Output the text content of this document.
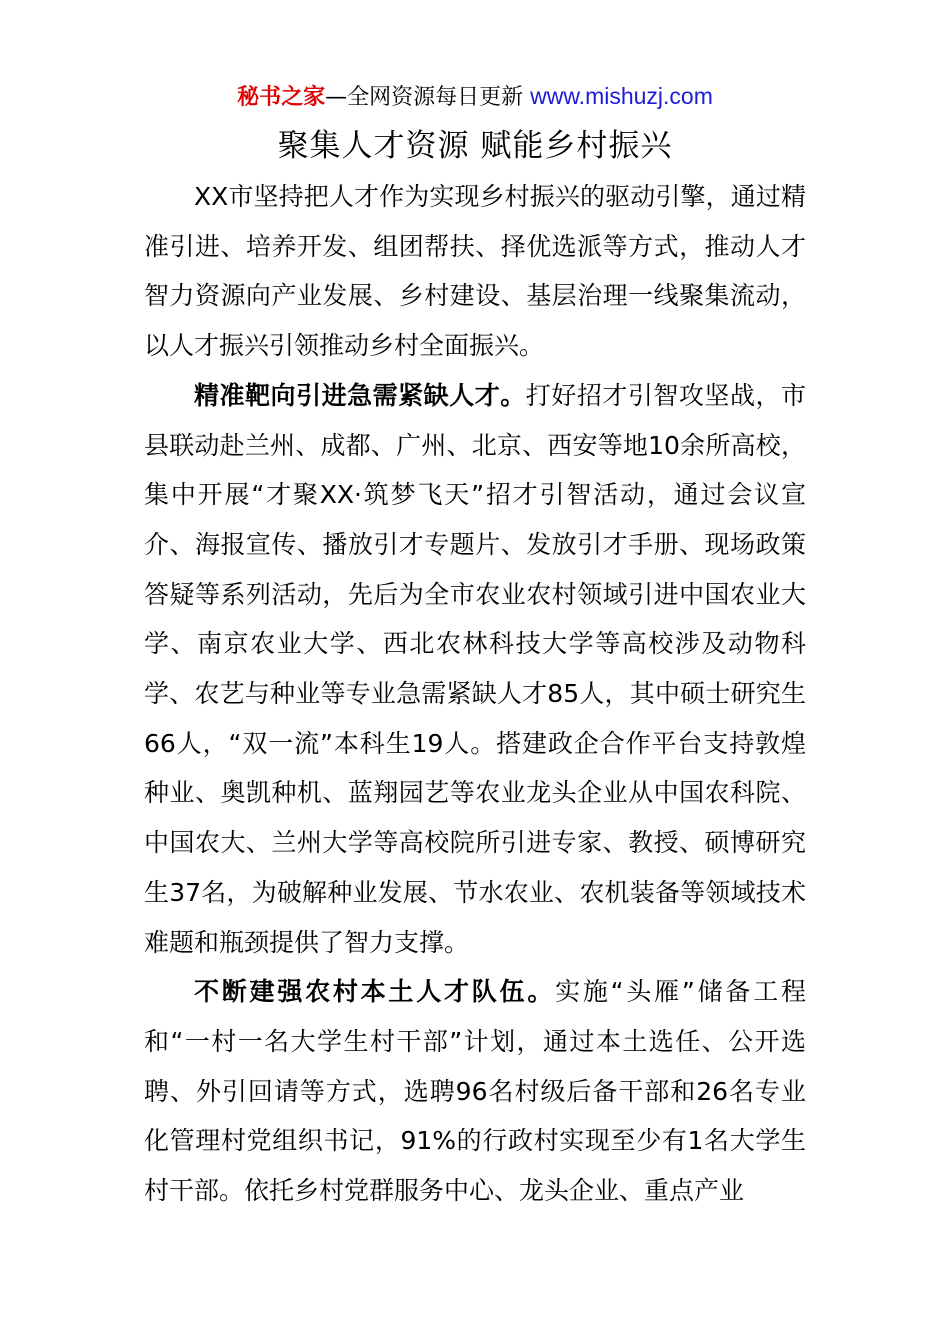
秘书之家—全网资源每日更新 www.mishuzj.com
聚集人才资源 赋能乡村振兴

XX市坚持把人才作为实现乡村振兴的驱动引擎，通过精准引进、培养开发、组团帮扶、择优选派等方式，推动人才智力资源向产业发展、乡村建设、基层治理一线聚集流动，以人才振兴引领推动乡村全面振兴。

精准靶向引进急需紧缺人才。打好招才引智攻坚战，市县联动赴兰州、成都、广州、北京、西安等地10余所高校，集中开展“才聚XX·筑梦飞天”招才引智活动，通过会议宣介、海报宣传、播放引才专题片、发放引才手册、现场政策答疑等系列活动，先后为全市农业农村领域引进中国农业大学、南京农业大学、西北农林科技大学等高校涉及动物科学、农艺与种业等专业急需紧缺人才85人，其中硕士研究生66人，“双一流”本科生19人。搭建政企合作平台支持敦煌种业、奥凯种机、蓝翔园艺等农业龙头企业从中国农科院、中国农大、兰州大学等高校院所引进专家、教授、硕博研究生37名，为破解种业发展、节水农业、农机装备等领域技术难题和瓶颈提供了智力支撑。

不断建强农村本土人才队伍。实施“头雁”储备工程和“一村一名大学生村干部”计划，通过本土选任、公开选聘、外引回请等方式，选聘96名村级后备干部和26名专业化管理村党组织书记，91%的行政村实现至少有1名大学生村干部。依托乡村党群服务中心、龙头企业、重点产业
